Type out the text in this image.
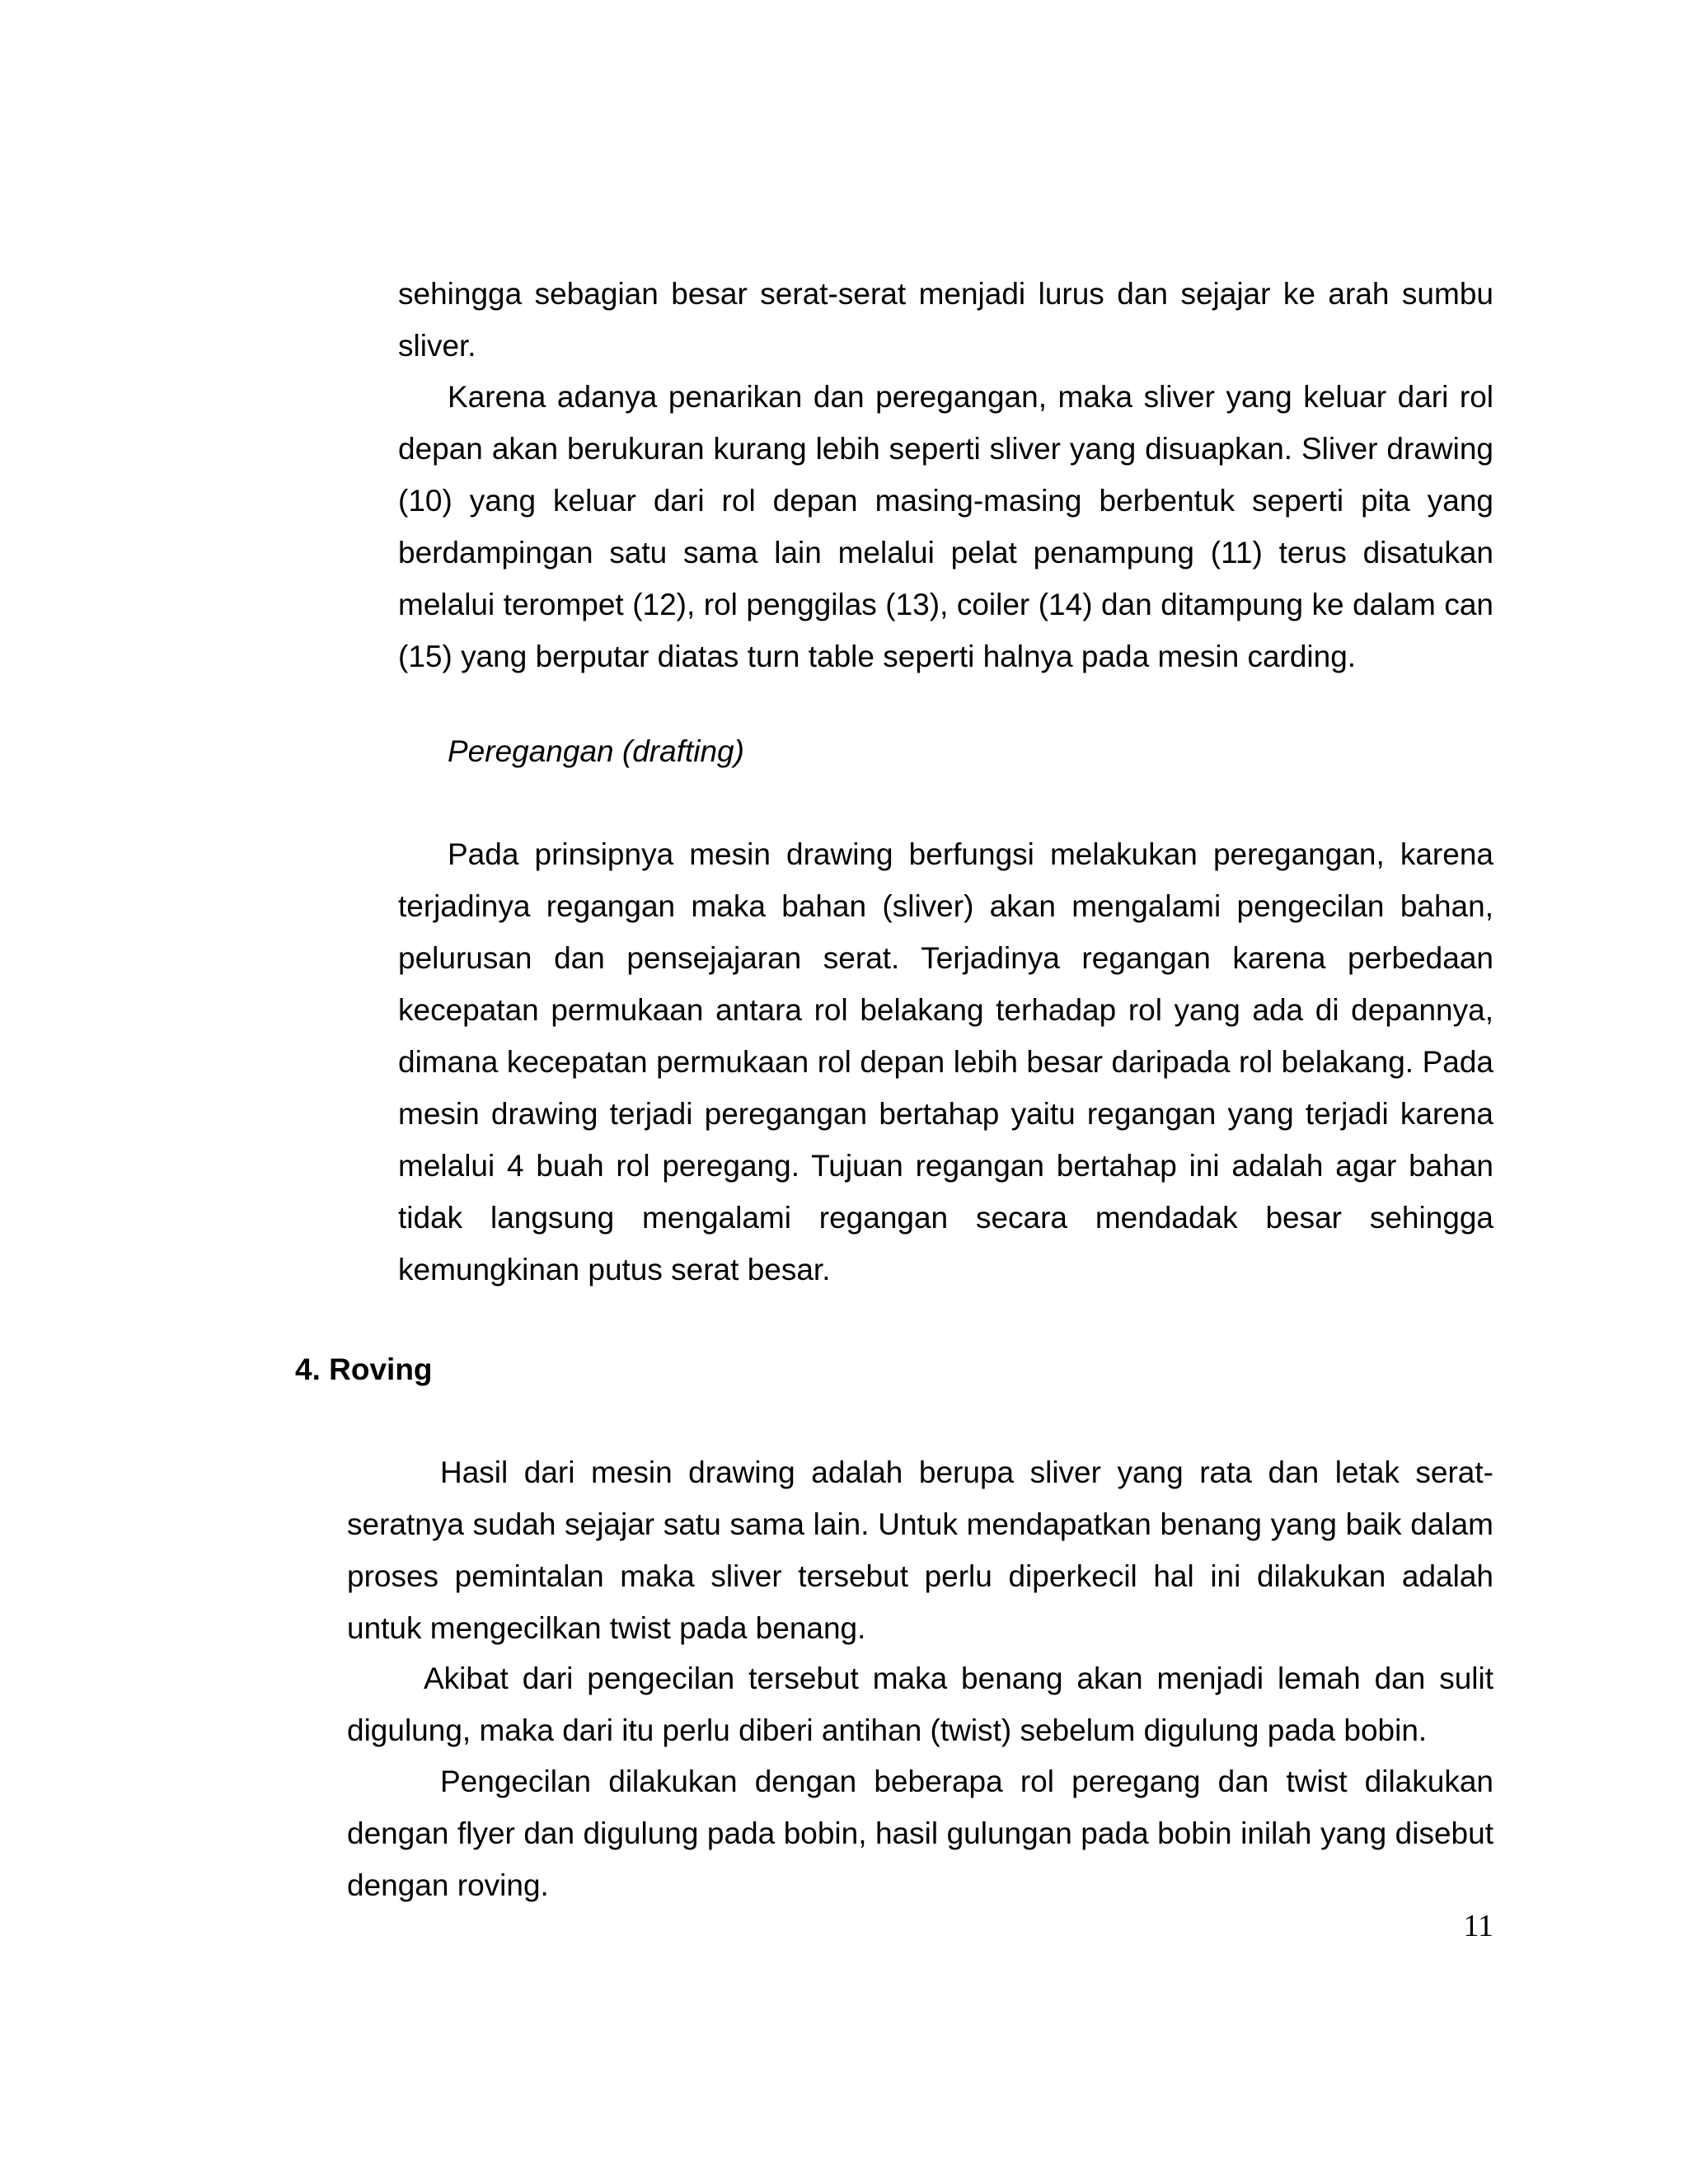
sehingga sebagian besar serat-serat menjadi lurus dan sejajar ke arah sumbu sliver.

Karena adanya penarikan dan peregangan, maka sliver yang keluar dari rol depan akan berukuran kurang lebih seperti sliver yang disuapkan. Sliver drawing (10) yang keluar dari rol depan masing-masing berbentuk seperti pita yang berdampingan satu sama lain melalui pelat penampung (11) terus disatukan melalui terompet (12), rol penggilas (13), coiler (14) dan ditampung ke dalam can (15) yang berputar diatas turn table seperti halnya pada mesin carding.

Peregangan (drafting)

Pada prinsipnya mesin drawing berfungsi melakukan peregangan, karena terjadinya regangan maka bahan (sliver) akan mengalami pengecilan bahan, pelurusan dan pensejajaran serat. Terjadinya regangan karena perbedaan kecepatan permukaan antara rol belakang terhadap rol yang ada di depannya, dimana kecepatan permukaan rol depan lebih besar daripada rol belakang. Pada mesin drawing terjadi peregangan bertahap yaitu regangan yang terjadi karena melalui 4 buah rol peregang. Tujuan regangan bertahap ini adalah agar bahan tidak langsung mengalami regangan secara mendadak besar sehingga kemungkinan putus serat besar.

4. Roving

Hasil dari mesin drawing adalah berupa sliver yang rata dan letak serat-seratnya sudah sejajar satu sama lain. Untuk mendapatkan benang yang baik dalam proses pemintalan maka sliver tersebut perlu diperkecil hal ini dilakukan adalah untuk mengecilkan twist pada benang.

Akibat dari pengecilan tersebut maka benang akan menjadi lemah dan sulit digulung, maka dari itu perlu diberi antihan (twist) sebelum digulung pada bobin.

Pengecilan dilakukan dengan beberapa rol peregang dan twist dilakukan dengan flyer dan digulung pada bobin, hasil gulungan pada bobin inilah yang disebut dengan roving.

11
